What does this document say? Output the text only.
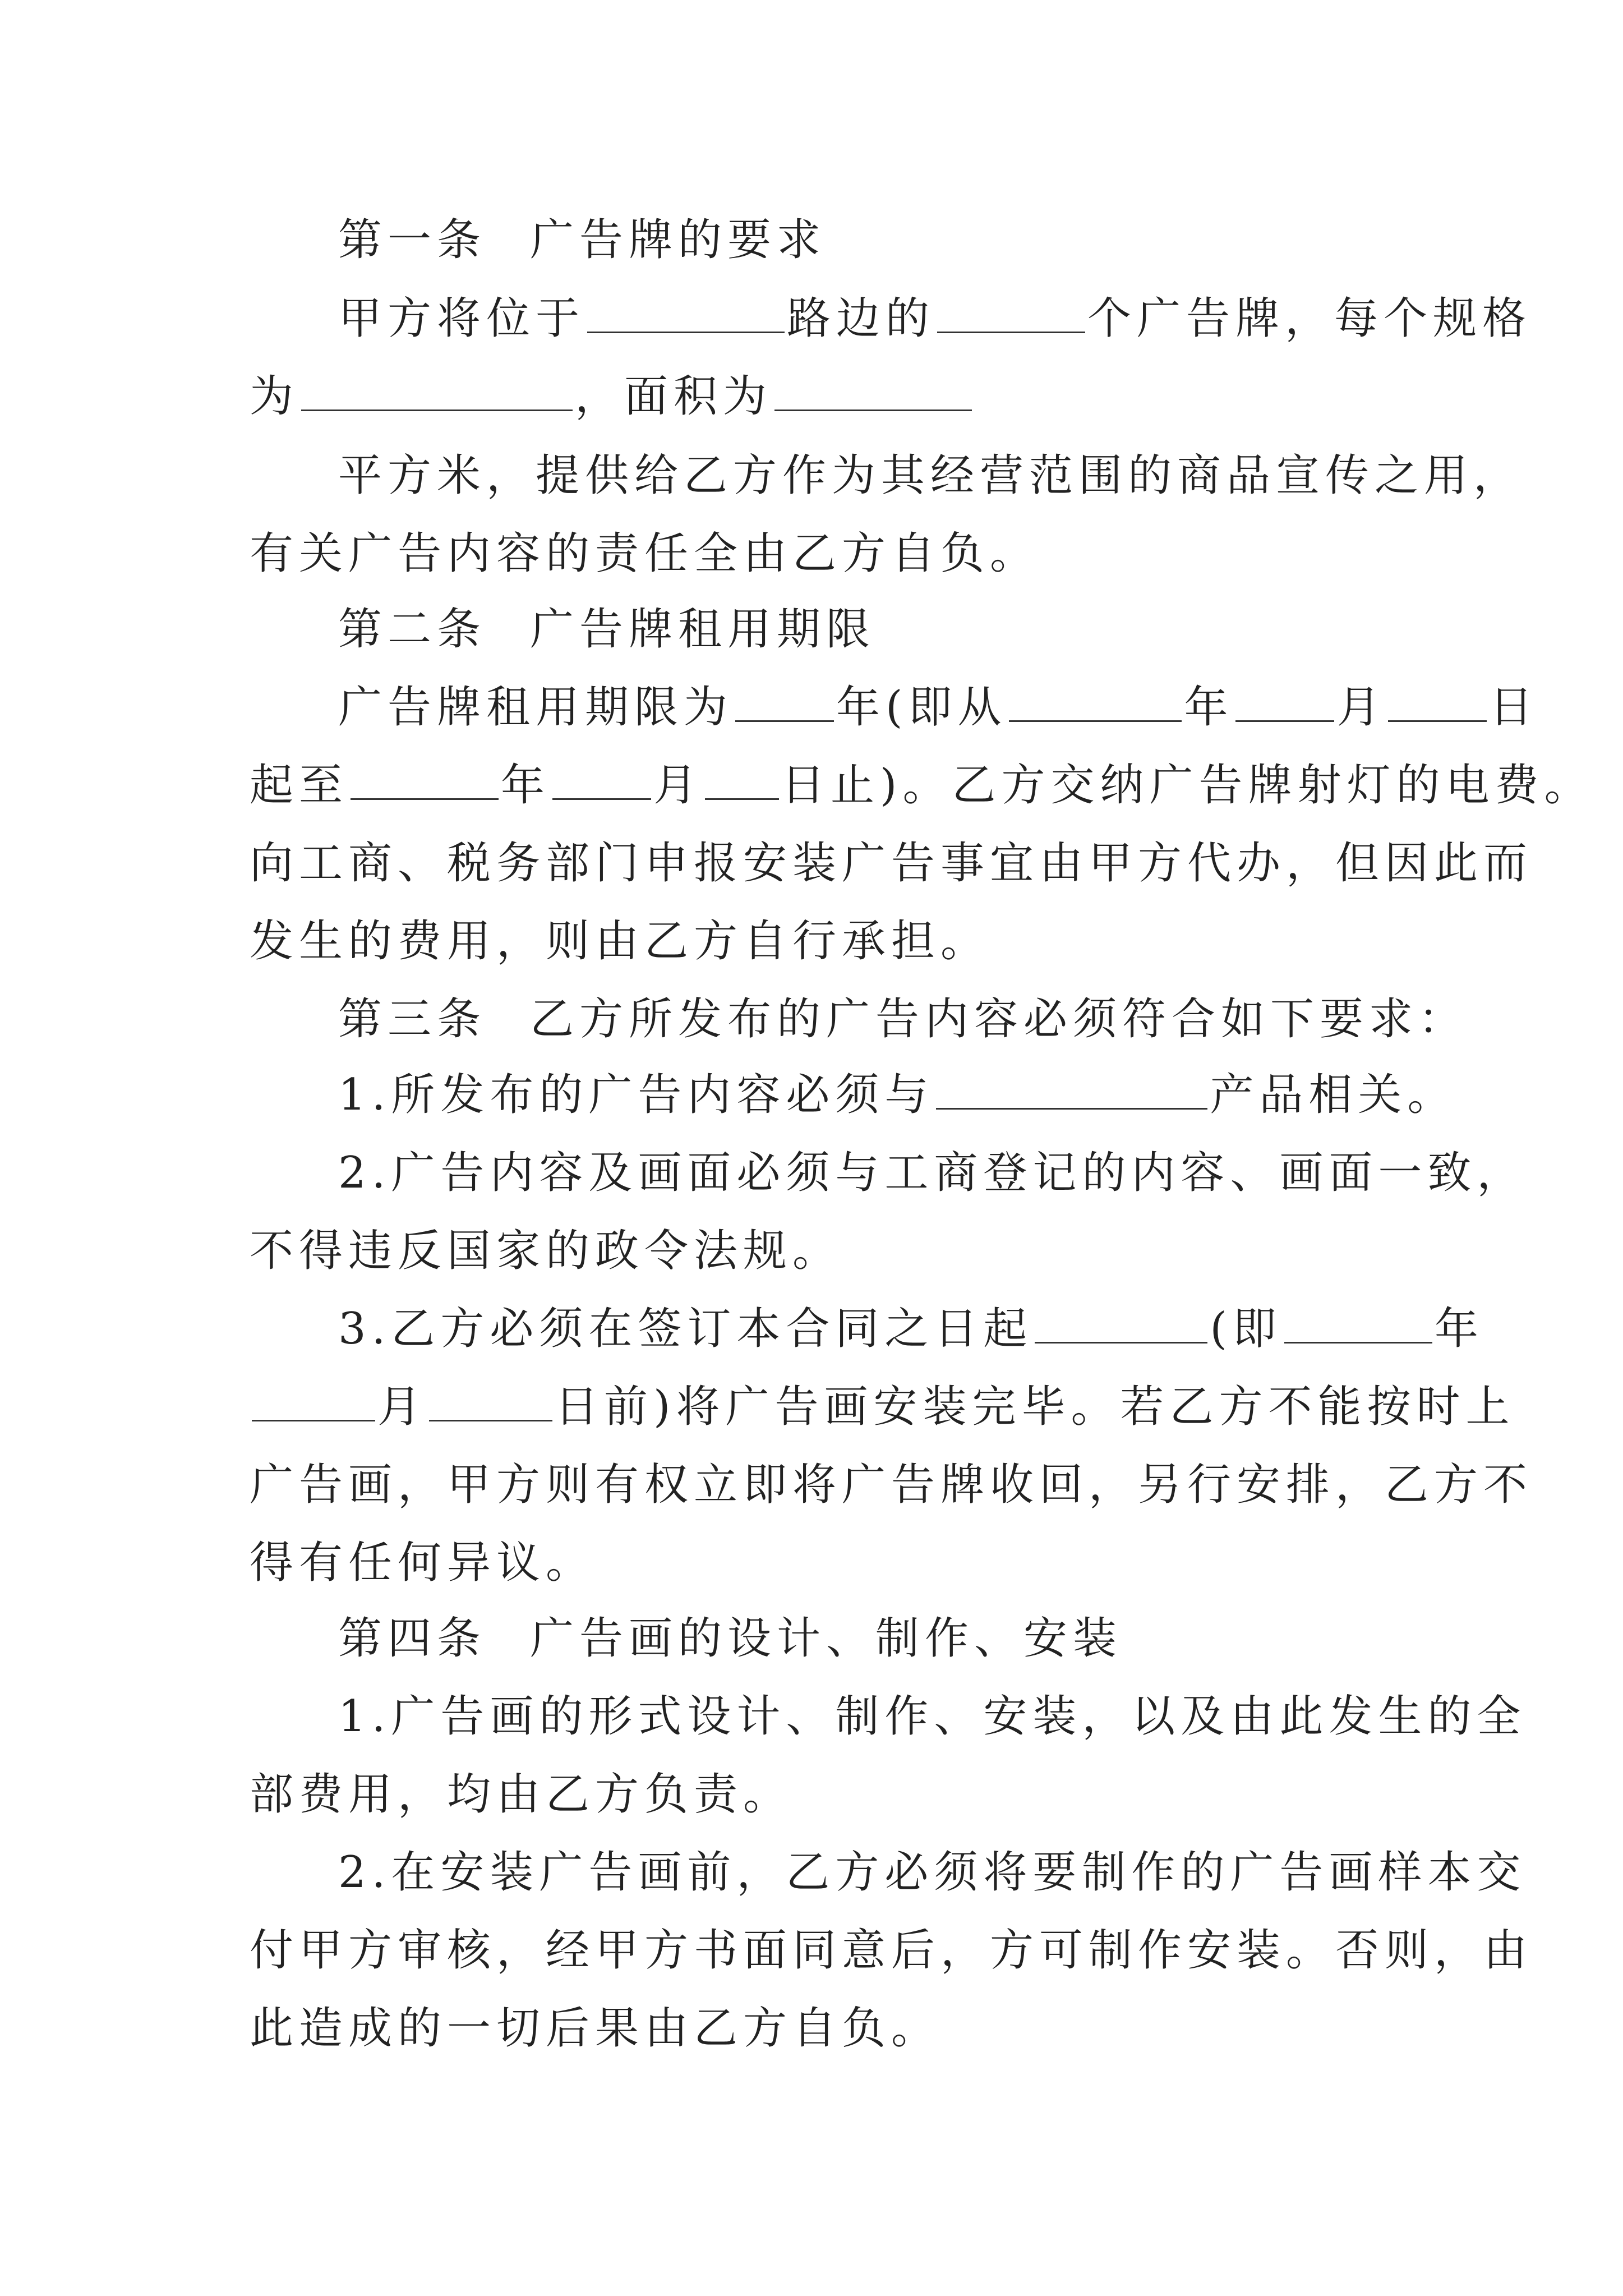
第一条 广告牌的要求
甲方将位于	路边的	个广告牌，每个规格
为	，面积为
平方米，提供给乙方作为其经营范围的商品宣传之用，
有关广告内容的责任全由乙方自负。
第二条 广告牌租用期限
广告牌租用期限为 年(即从	年 月 日
起至	年 月 日止)。乙方交纳广告牌射灯的电费。
向工商、税务部门申报安装广告事宜由甲方代办，但因此而
发生的费用，则由乙方自行承担。
第三条 乙方所发布的广告内容必须符合如下要求：
1.所发布的广告内容必须与	产品相关。
2.广告内容及画面必须与工商登记的内容、画面一致，
不得违反国家的政令法规。
3.乙方必须在签订本合同之日起	(即	年
月	日前)将广告画安装完毕。若乙方不能按时上
广告画，甲方则有权立即将广告牌收回，另行安排，乙方不
得有任何异议。
第四条 广告画的设计、制作、安装
1.广告画的形式设计、制作、安装，以及由此发生的全
部费用，均由乙方负责。
2.在安装广告画前，乙方必须将要制作的广告画样本交
付甲方审核，经甲方书面同意后，方可制作安装。否则，由
此造成的一切后果由乙方自负。
